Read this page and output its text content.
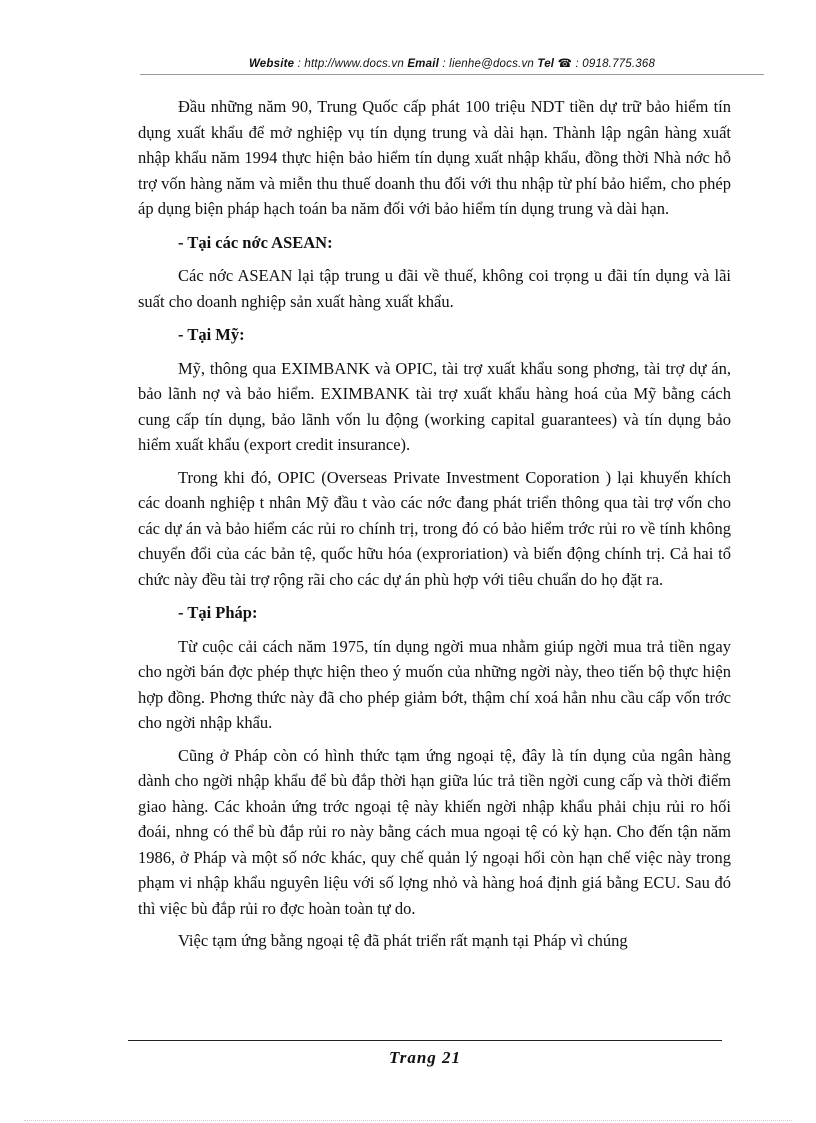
Website : http://www.docs.vn Email : lienhe@docs.vn Tel ☎ : 0918.775.368

Đầu những năm 90, Trung Quốc cấp phát 100 triệu NDT tiền dự trữ bảo hiểm tín dụng xuất khẩu để mở nghiệp vụ tín dụng trung và dài hạn. Thành lập ngân hàng xuất nhập khẩu năm 1994 thực hiện bảo hiểm tín dụng xuất nhập khẩu, đồng thời Nhà nớc hỗ trợ vốn hàng năm và miễn thu thuế doanh thu đối với thu nhập từ phí bảo hiểm, cho phép áp dụng biện pháp hạch toán ba năm đối với bảo hiểm tín dụng trung và dài hạn.

- Tại các nớc ASEAN:

Các nớc ASEAN lại tập trung u đãi về thuế, không coi trọng u đãi tín dụng và lãi suất cho doanh nghiệp sản xuất hàng xuất khẩu.

- Tại Mỹ:

Mỹ, thông qua EXIMBANK và OPIC, tài trợ xuất khẩu song phơng, tài trợ dự án, bảo lãnh nợ và bảo hiểm. EXIMBANK tài trợ xuất khẩu hàng hoá của Mỹ bằng cách cung cấp tín dụng, bảo lãnh vốn lu động (working capital guarantees) và tín dụng bảo hiểm xuất khẩu (export credit insurance).

Trong khi đó, OPIC (Overseas Private Investment Coporation ) lại khuyến khích các doanh nghiệp t nhân Mỹ đầu t vào các nớc đang phát triển thông qua tài trợ vốn cho các dự án và bảo hiểm các rủi ro chính trị, trong đó có bảo hiểm trớc rủi ro về tính không chuyển đổi của các bản tệ, quốc hữu hóa (exproriation) và biến động chính trị. Cả hai tổ chức này đều tài trợ rộng rãi cho các dự án phù hợp với tiêu chuẩn do họ đặt ra.

- Tại Pháp:

Từ cuộc cải cách năm 1975, tín dụng ngời mua nhằm giúp ngời mua trả tiền ngay cho ngời bán đợc phép thực hiện theo ý muốn của những ngời này, theo tiến bộ thực hiện hợp đồng. Phơng thức này đã cho phép giảm bớt, thậm chí xoá hẳn nhu cầu cấp vốn trớc cho ngời nhập khẩu.

Cũng ở Pháp còn có hình thức tạm ứng ngoại tệ, đây là tín dụng của ngân hàng dành cho ngời nhập khẩu để bù đắp thời hạn giữa lúc trả tiền ngời cung cấp và thời điểm giao hàng. Các khoản ứng trớc ngoại tệ này khiến ngời nhập khẩu phải chịu rủi ro hối đoái, nhng có thể bù đắp rủi ro này bằng cách mua ngoại tệ có kỳ hạn. Cho đến tận năm 1986, ở Pháp và một số nớc khác, quy chế quản lý ngoại hối còn hạn chế việc này trong phạm vi nhập khẩu nguyên liệu với số lợng nhỏ và hàng hoá định giá bằng ECU. Sau đó thì việc bù đắp rủi ro đợc hoàn toàn tự do.

Việc tạm ứng bằng ngoại tệ đã phát triển rất mạnh tại Pháp vì chúng

Trang 21
